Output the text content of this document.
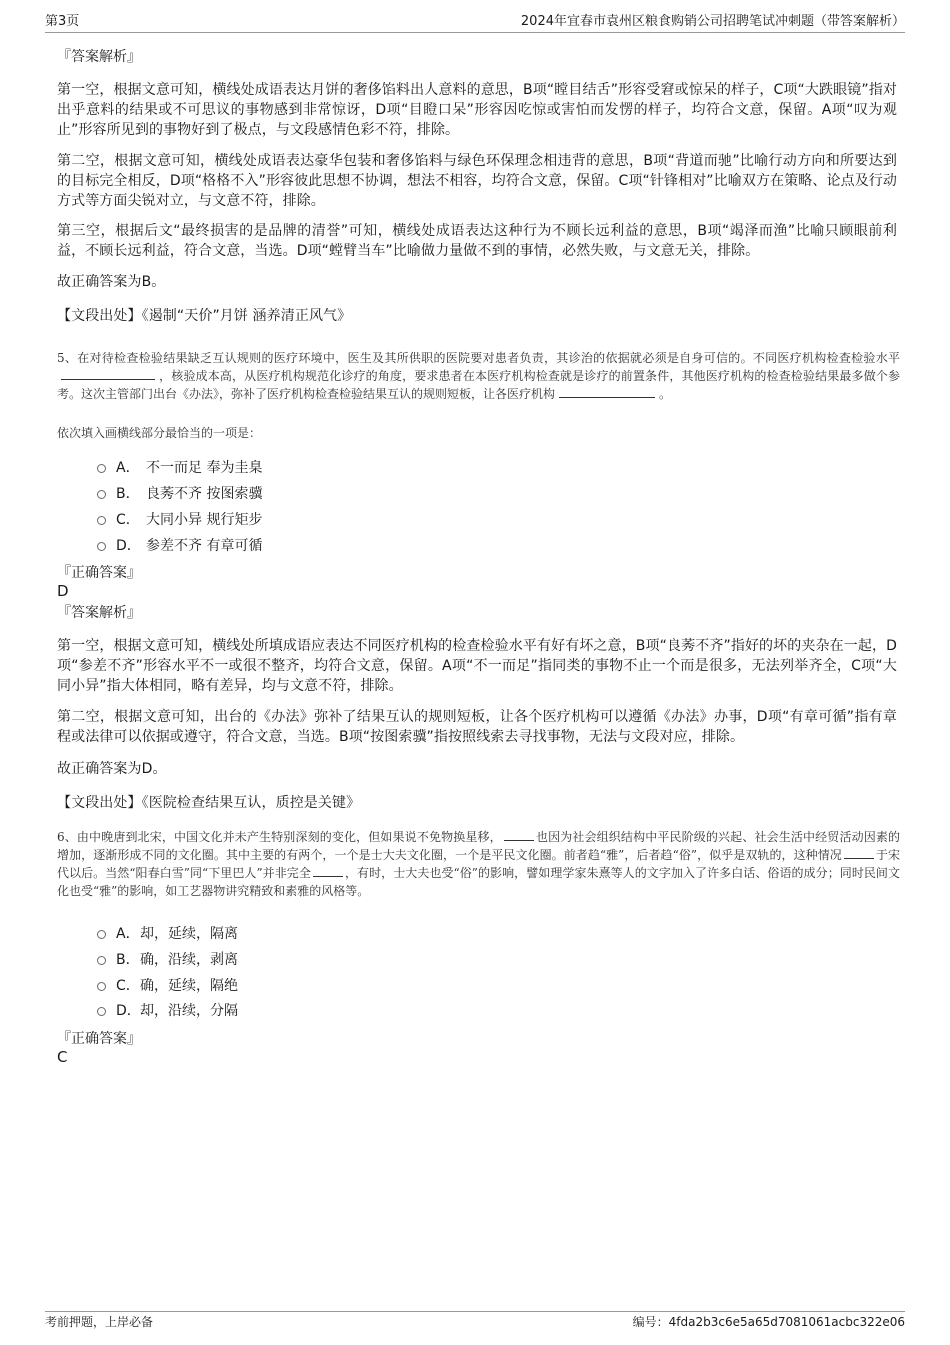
第3页	2024年宜春市袁州区粮食购销公司招聘笔试冲刺题（带答案解析）
『答案解析』
第一空，根据文意可知，横线处成语表达月饼的奢侈馅料出人意料的意思，B项“瞠目结舌”形容受窘或惊呆的样子，C项“大跌眼镜”指对出乎意料的结果或不可思议的事物感到非常惊讶，D项“目瞪口呆”形容因吃惊或害怕而发愣的样子，均符合文意，保留。A项“叹为观止”形容所见到的事物好到了极点，与文段感情色彩不符，排除。
第二空，根据文意可知，横线处成语表达豪华包装和奢侈馅料与绿色环保理念相违背的意思，B项“背道而驰”比喻行动方向和所要达到的目标完全相反，D项“格格不入”形容彼此思想不协调，想法不相容，均符合文意，保留。C项“针锋相对”比喻双方在策略、论点及行动方式等方面尖锐对立，与文意不符，排除。
第三空，根据后文“最终损害的是品牌的清誉”可知，横线处成语表达这种行为不顾长远利益的意思，B项“竭泽而渔”比喻只顾眼前利益，不顾长远利益，符合文意，当选。D项“螳臂当车”比喻做力量做不到的事情，必然失败，与文意无关，排除。
故正确答案为B。
【文段出处】《遏制“天价”月饼 涵养清正风气》
5、在对待检查检验结果缺乏互认规则的医疗环境中，医生及其所供职的医院要对患者负责，其诊治的依据就必须是自身可信的。不同医疗机构检查检验水平，核验成本高，从医疗机构规范化诊疗的角度，要求患者在本医疗机构检查就是诊疗的前置条件，其他医疗机构的检查检验结果最多做个参考。这次主管部门出台《办法》，弥补了医疗机构检查检验结果互认的规则短板，让各医疗机构	。
依次填入画横线部分最恰当的一项是：
A． 不一而足 奉为圭臬
B． 良莠不齐 按图索骥
C． 大同小异 规行矩步
D． 参差不齐 有章可循
『正确答案』
D
『答案解析』
第一空，根据文意可知，横线处所填成语应表达不同医疗机构的检查检验水平有好有坏之意，B项“良莠不齐”指好的坏的夹杂在一起，D项“参差不齐”形容水平不一或很不整齐，均符合文意，保留。A项“不一而足”指同类的事物不止一个而是很多，无法列举齐全，C项“大同小异”指大体相同，略有差异，均与文意不符，排除。
第二空，根据文意可知，出台的《办法》弥补了结果互认的规则短板，让各个医疗机构可以遵循《办法》办事，D项“有章可循”指有章程或法律可以依据或遵守，符合文意，当选。B项“按图索骥”指按照线索去寻找事物，无法与文段对应，排除。
故正确答案为D。
【文段出处】《医院检查结果互认，质控是关键》
6、由中晚唐到北宋，中国文化并未产生特别深刻的变化，但如果说不免物换星移，	也因为社会组织结构中平民阶级的兴起、社会生活中经贸活动因素的增加，逐渐形成不同的文化圈。其中主要的有两个，一个是士大夫文化圈，一个是平民文化圈。前者趋“雅”，后者趋“俗”，似乎是双轨的，这种情况	于宋代以后。当然“阳春白雪”同“下里巴人”并非完全	，有时，士大夫也受“俗”的影响，譬如理学家朱熹等人的文字加入了许多白话、俗语的成分；同时民间文化也受“雅”的影响，如工艺器物讲究精致和素雅的风格等。
A．却，延续，隔离
B．确，沿续，剥离
C．确，延续，隔绝
D．却，沿续，分隔
『正确答案』
C
考前押题，上岸必备	编号：4fda2b3c6e5a65d7081061acbc322e06
